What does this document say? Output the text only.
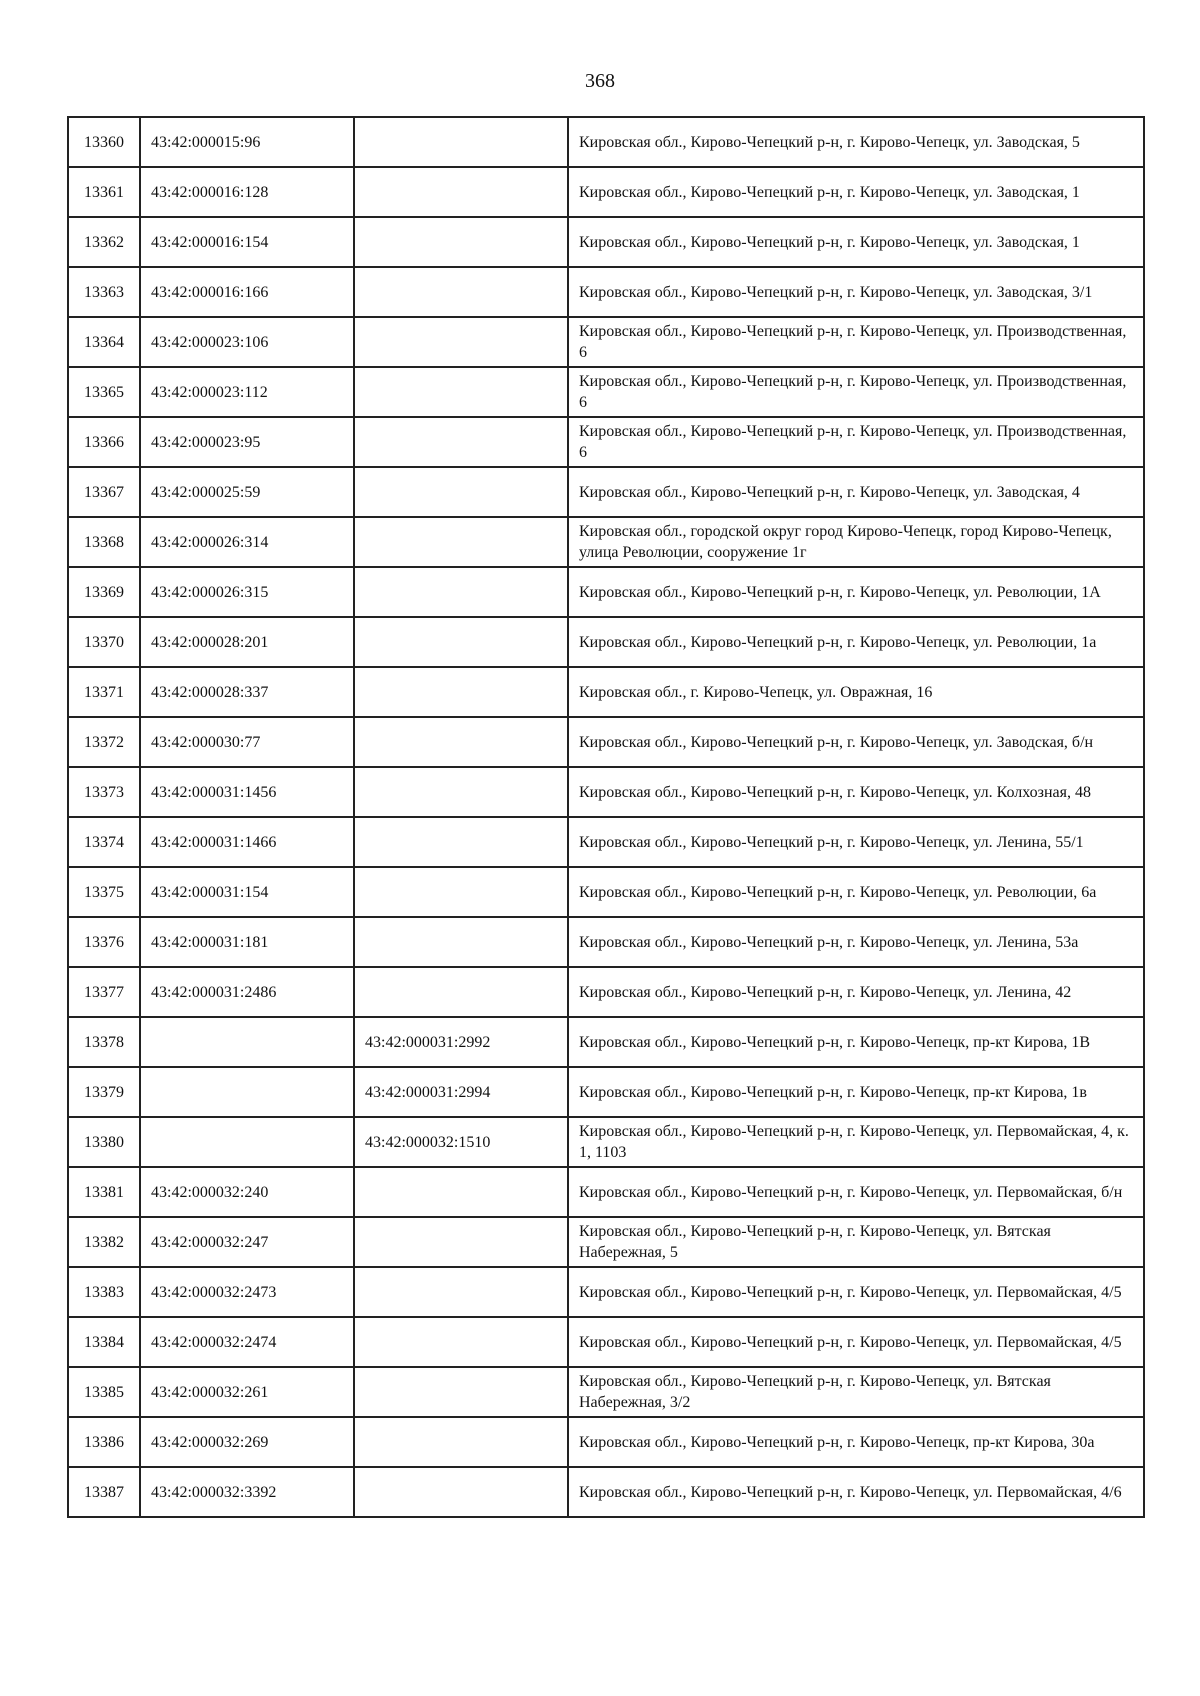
368
13360	43:42:000015:96		Кировская обл., Кирово-Чепецкий р-н, г. Кирово-Чепецк, ул. Заводская, 5
13361	43:42:000016:128		Кировская обл., Кирово-Чепецкий р-н, г. Кирово-Чепецк, ул. Заводская, 1
13362	43:42:000016:154		Кировская обл., Кирово-Чепецкий р-н, г. Кирово-Чепецк, ул. Заводская, 1
13363	43:42:000016:166		Кировская обл., Кирово-Чепецкий р-н, г. Кирово-Чепецк, ул. Заводская, 3/1
13364	43:42:000023:106		Кировская обл., Кирово-Чепецкий р-н, г. Кирово-Чепецк, ул. Производственная, 6
13365	43:42:000023:112		Кировская обл., Кирово-Чепецкий р-н, г. Кирово-Чепецк, ул. Производственная, 6
13366	43:42:000023:95		Кировская обл., Кирово-Чепецкий р-н, г. Кирово-Чепецк, ул. Производственная, 6
13367	43:42:000025:59		Кировская обл., Кирово-Чепецкий р-н, г. Кирово-Чепецк, ул. Заводская, 4
13368	43:42:000026:314		Кировская обл., городской округ город Кирово-Чепецк, город Кирово-Чепецк, улица Революции, сооружение 1г
13369	43:42:000026:315		Кировская обл., Кирово-Чепецкий р-н, г. Кирово-Чепецк, ул. Революции, 1А
13370	43:42:000028:201		Кировская обл., Кирово-Чепецкий р-н, г. Кирово-Чепецк, ул. Революции, 1а
13371	43:42:000028:337		Кировская обл., г. Кирово-Чепецк, ул. Овражная, 16
13372	43:42:000030:77		Кировская обл., Кирово-Чепецкий р-н, г. Кирово-Чепецк, ул. Заводская, б/н
13373	43:42:000031:1456		Кировская обл., Кирово-Чепецкий р-н, г. Кирово-Чепецк, ул. Колхозная, 48
13374	43:42:000031:1466		Кировская обл., Кирово-Чепецкий р-н, г. Кирово-Чепецк, ул. Ленина, 55/1
13375	43:42:000031:154		Кировская обл., Кирово-Чепецкий р-н, г. Кирово-Чепецк, ул. Революции, 6а
13376	43:42:000031:181		Кировская обл., Кирово-Чепецкий р-н, г. Кирово-Чепецк, ул. Ленина, 53а
13377	43:42:000031:2486		Кировская обл., Кирово-Чепецкий р-н, г. Кирово-Чепецк, ул. Ленина, 42
13378		43:42:000031:2992	Кировская обл., Кирово-Чепецкий р-н, г. Кирово-Чепецк, пр-кт Кирова, 1В
13379		43:42:000031:2994	Кировская обл., Кирово-Чепецкий р-н, г. Кирово-Чепецк, пр-кт Кирова, 1в
13380		43:42:000032:1510	Кировская обл., Кирово-Чепецкий р-н, г. Кирово-Чепецк, ул. Первомайская, 4, к. 1, 1103
13381	43:42:000032:240		Кировская обл., Кирово-Чепецкий р-н, г. Кирово-Чепецк, ул. Первомайская, б/н
13382	43:42:000032:247		Кировская обл., Кирово-Чепецкий р-н, г. Кирово-Чепецк, ул. Вятская Набережная, 5
13383	43:42:000032:2473		Кировская обл., Кирово-Чепецкий р-н, г. Кирово-Чепецк, ул. Первомайская, 4/5
13384	43:42:000032:2474		Кировская обл., Кирово-Чепецкий р-н, г. Кирово-Чепецк, ул. Первомайская, 4/5
13385	43:42:000032:261		Кировская обл., Кирово-Чепецкий р-н, г. Кирово-Чепецк, ул. Вятская Набережная, 3/2
13386	43:42:000032:269		Кировская обл., Кирово-Чепецкий р-н, г. Кирово-Чепецк, пр-кт Кирова, 30а
13387	43:42:000032:3392		Кировская обл., Кирово-Чепецкий р-н, г. Кирово-Чепецк, ул. Первомайская, 4/6
